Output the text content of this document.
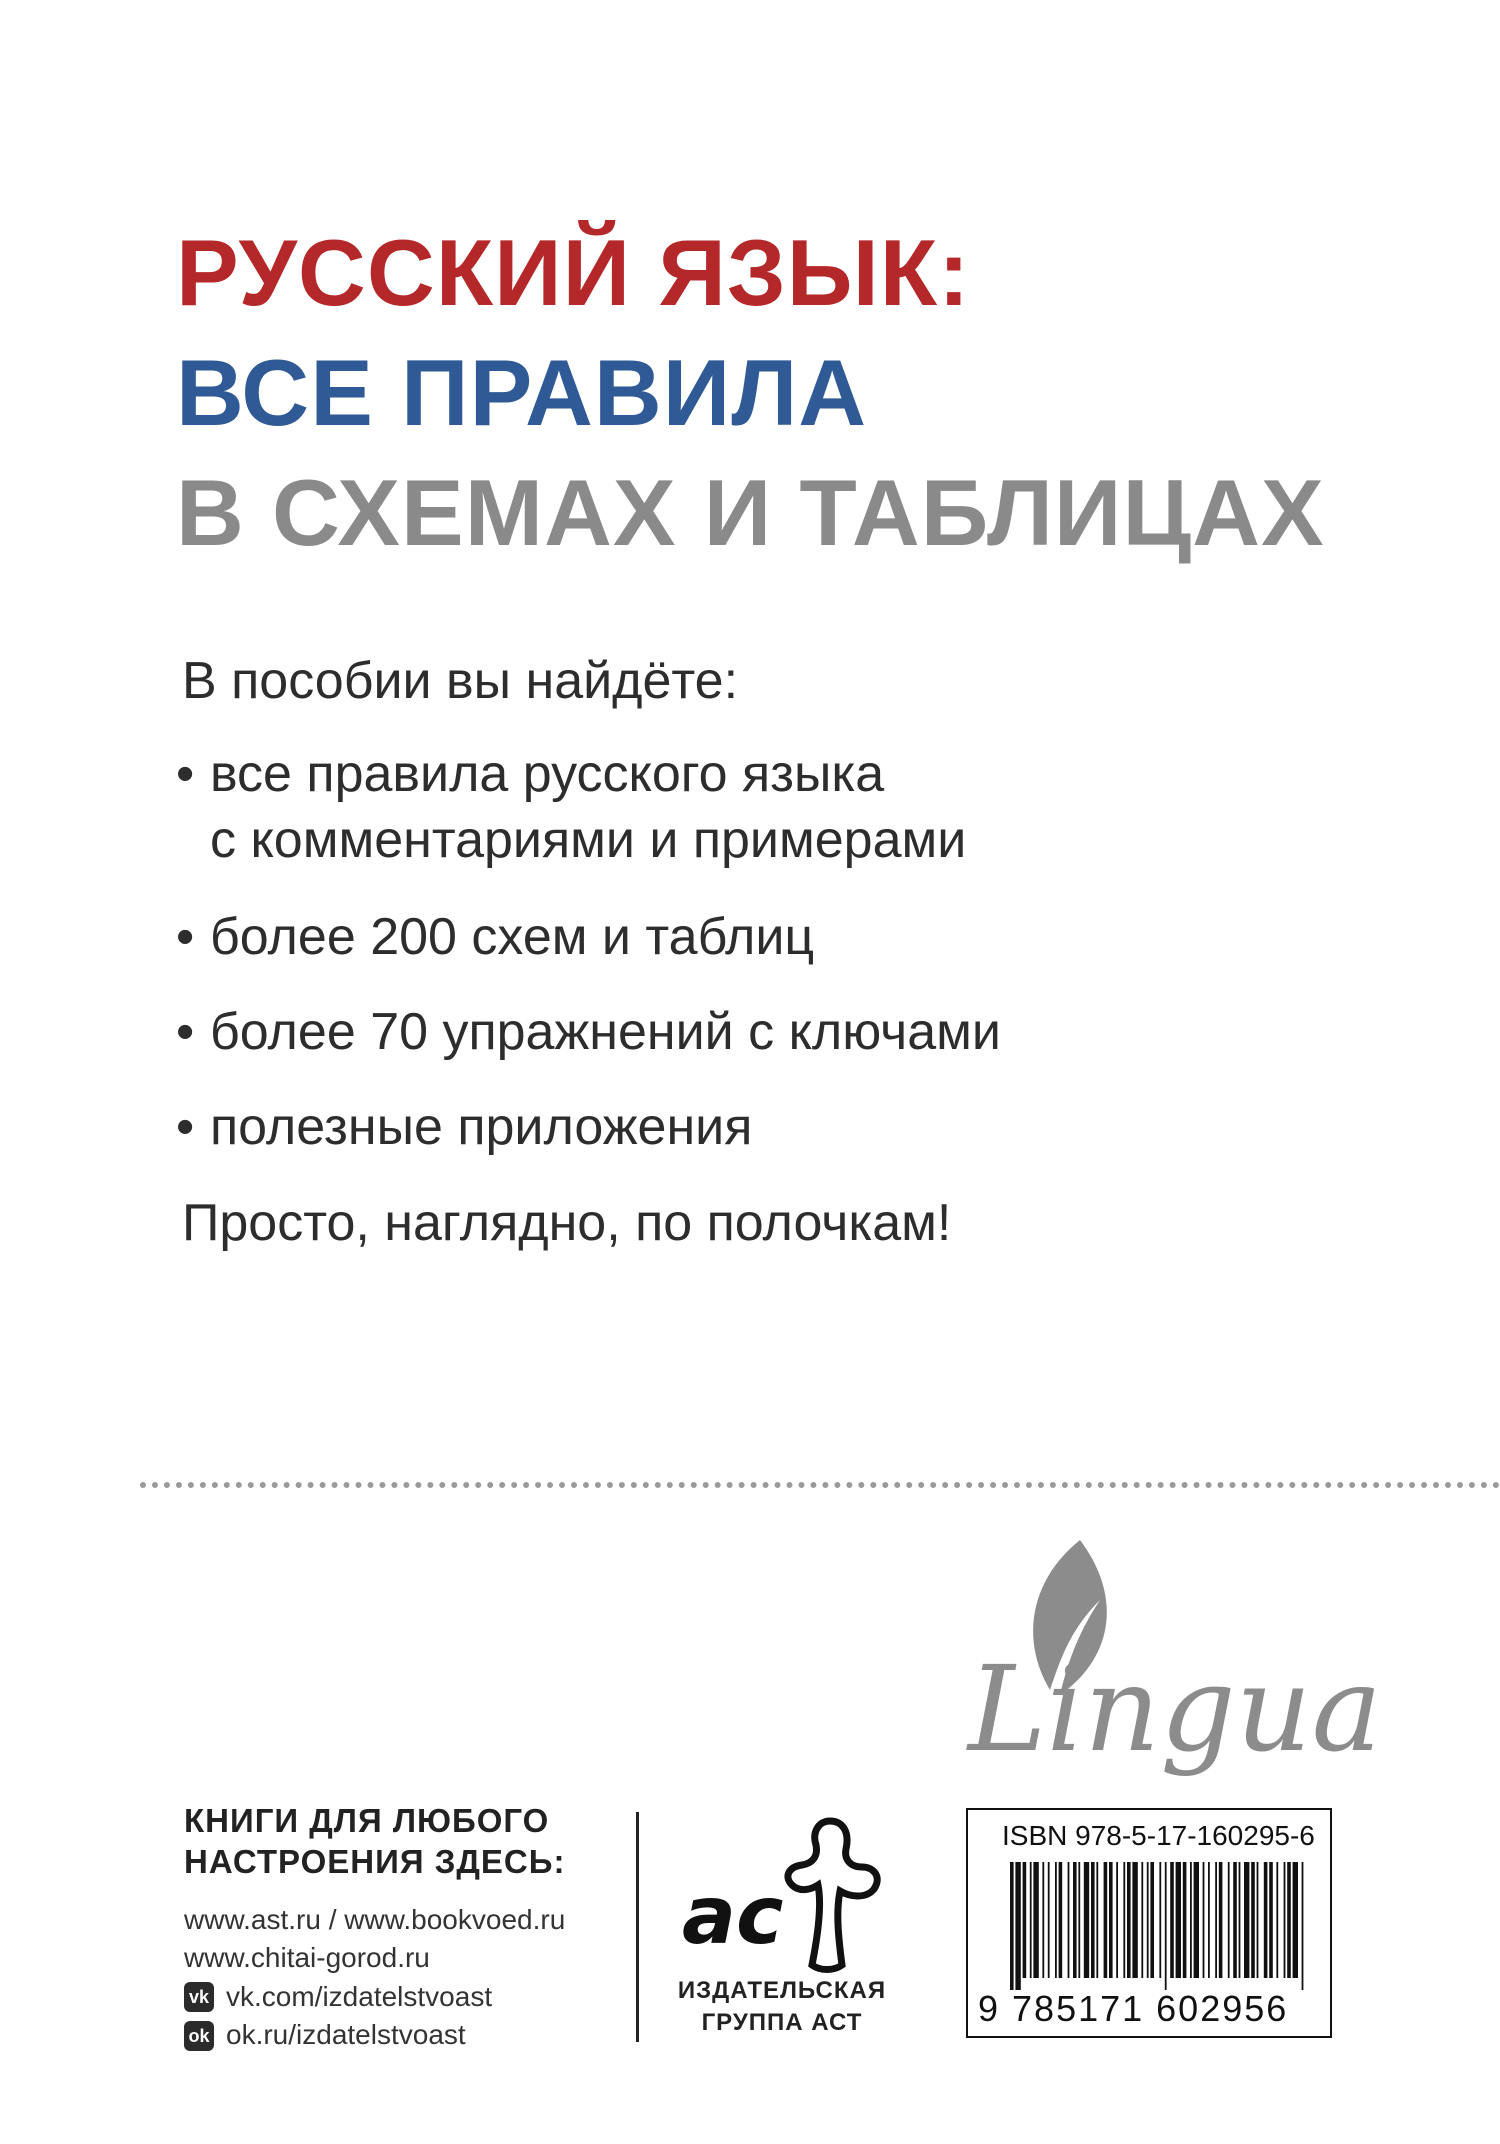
РУССКИЙ ЯЗЫК:
ВСЕ ПРАВИЛА
В СХЕМАХ И ТАБЛИЦАХ
В пособии вы найдёте:
• все правила русского языка
с комментариями и примерами
• более 200 схем и таблиц
• более 70 упражнений с ключами
• полезные приложения
Просто, наглядно, по полочкам!
Lingua
КНИГИ ДЛЯ ЛЮБОГО
НАСТРОЕНИЯ ЗДЕСЬ:
www.ast.ru / www.bookvoed.ru
www.chitai-gorod.ru
vk vk.com/izdatelstvoast
ok ok.ru/izdatelstvoast
ac
ИЗДАТЕЛЬСКАЯ
ГРУППА АСТ
ISBN 978-5-17-160295-6
9 785171 602956
